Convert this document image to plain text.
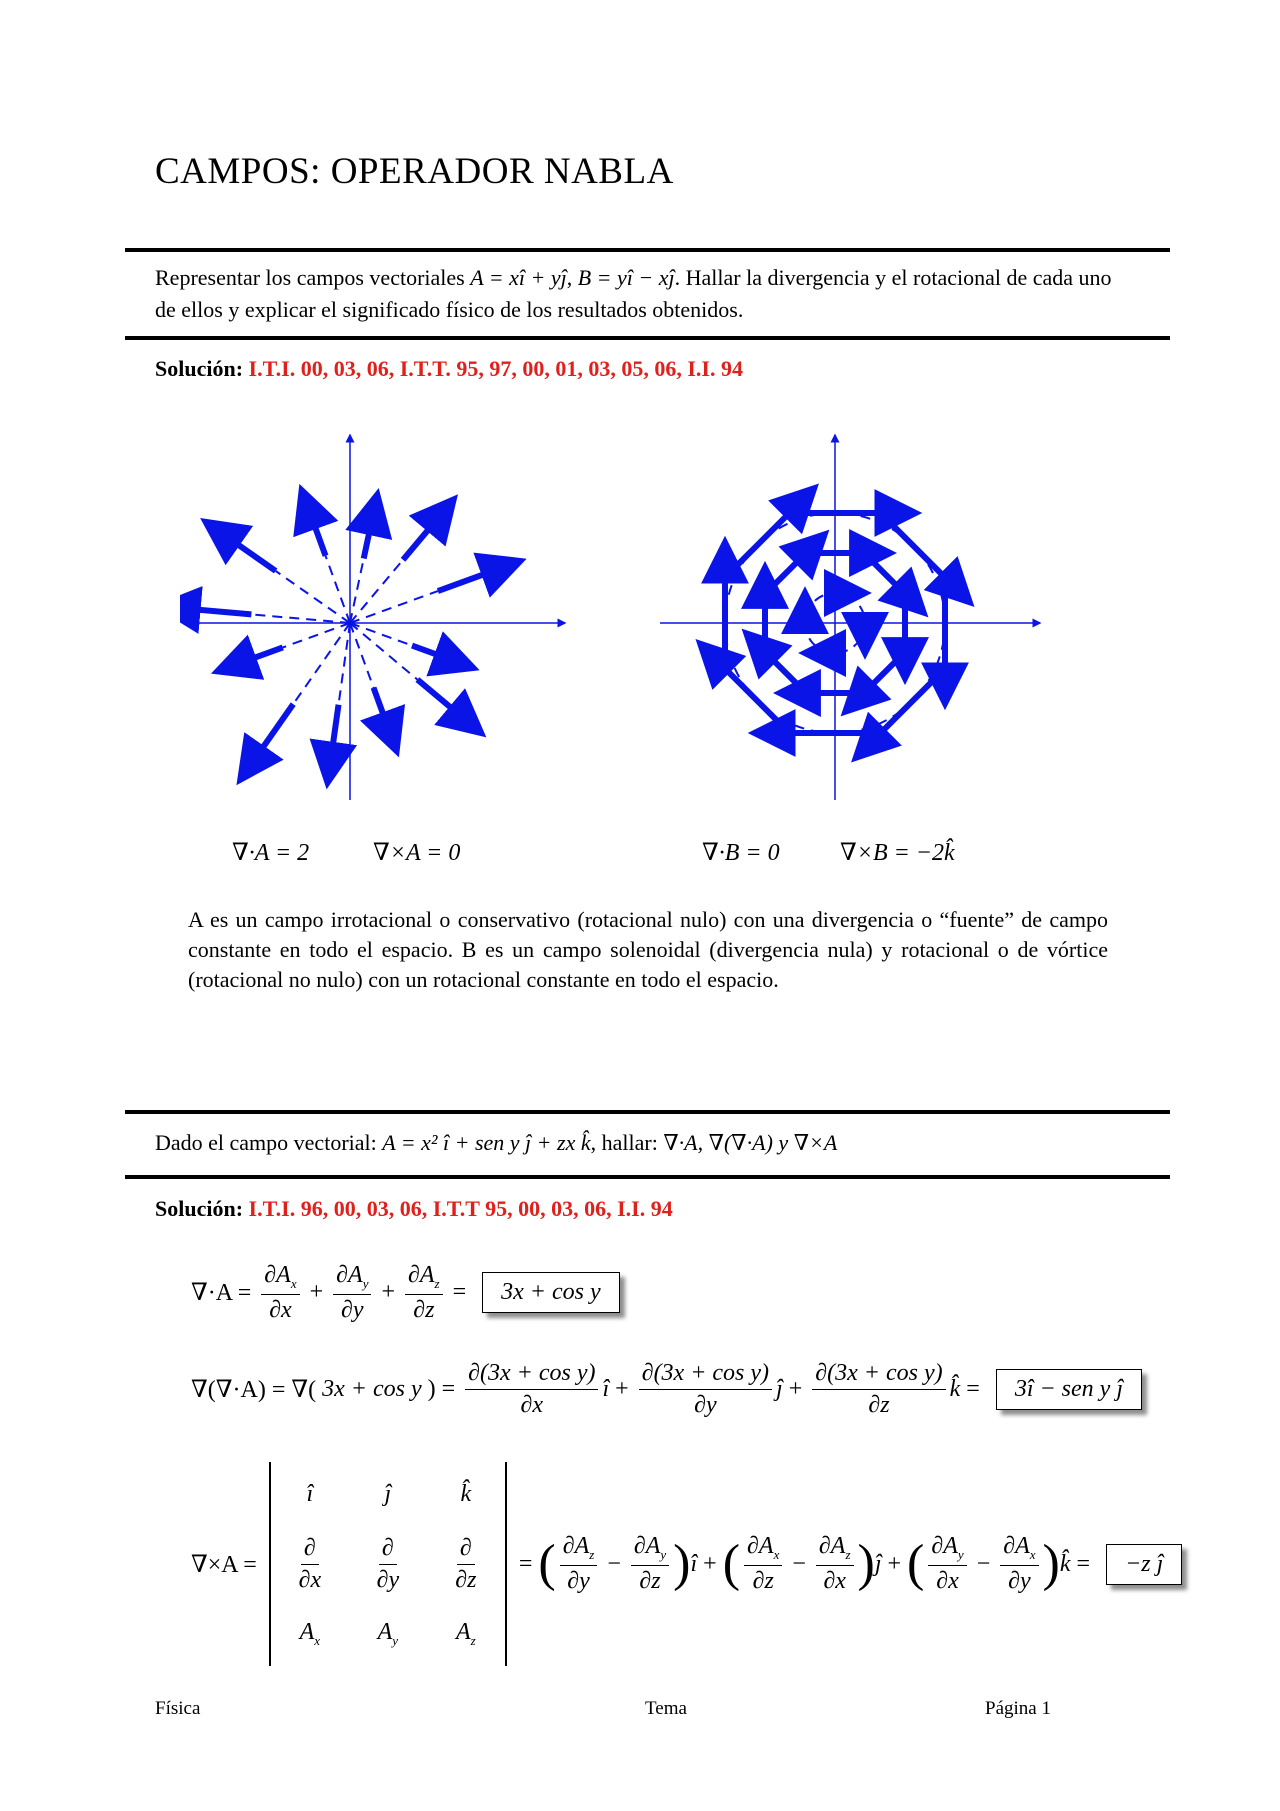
CAMPOS: OPERADOR NABLA
Representar los campos vectoriales A = xî + yĵ, B = yî − xĵ. Hallar la divergencia y el rotacional de cada uno de ellos y explicar el significado físico de los resultados obtenidos.
Solución: I.T.I. 00, 03, 06, I.T.T. 95, 97, 00, 01, 03, 05, 06, I.I. 94
∇·A = 2	∇×A = 0	∇·B = 0	∇×B = −2k̂
A es un campo irrotacional o conservativo (rotacional nulo) con una divergencia o “fuente” de campo constante en todo el espacio. B es un campo solenoidal (divergencia nula) y rotacional o de vórtice (rotacional no nulo) con un rotacional constante en todo el espacio.
Dado el campo vectorial: A = x² î + sen y ĵ + zx k̂, hallar: ∇·A, ∇(∇·A) y ∇×A
Solución: I.T.I. 96, 00, 03, 06, I.T.T 95, 00, 03, 06, I.I. 94
$\nabla\cdot A = \frac{\partial A_x}{\partial x} + \frac{\partial A_y}{\partial y} + \frac{\partial A_z}{\partial z}$ =	3x + cos y
∇(∇·A) = ∇( 3x + cos y ) = $\frac{\text{∂(3x + cos y)}}{\partial x}$ î + $\frac{\text{∂(3x + cos y)}}{\partial y}$ ĵ + $\frac{\text{∂(3x + cos y)}}{\partial z}$ k̂ =	3î − sen y ĵ
∇×A =
î	ĵ	k̂
$\frac{\partial}{\partial x} \frac{\partial}{\partial y} \frac{\partial}{\partial z}$
$A_x$ $A_y$ $A_z$
= ( $\frac{\partial A_z}{\partial y} - \frac{\partial A_y}{\partial z}$ ) î + ( $\frac{\partial A_x}{\partial z} - \frac{\partial A_z}{\partial x}$ ) ĵ + ( $\frac{\partial A_y}{\partial x} - \frac{\partial A_x}{\partial y}$ ) k̂ =	−z ĵ
Física	Tema	Página 1
